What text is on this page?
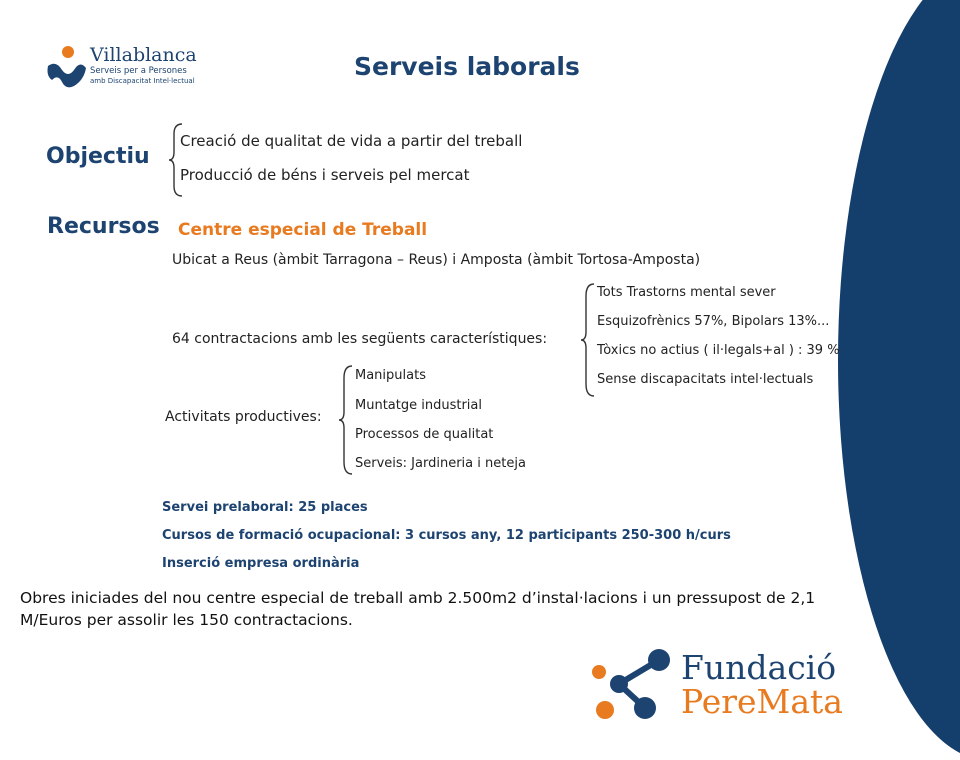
Villablanca
Serveis per a Persones
amb Discapacitat Intel·lectual	Serveis laborals
Objectiu
Creació de qualitat de vida a partir del treball
Producció de béns i serveis pel mercat
Recursos Centre especial de Treball
Ubicat a Reus (àmbit Tarragona – Reus) i Amposta (àmbit Tortosa-Amposta)
64 contractacions amb les següents característiques:
Tots Trastorns mental sever
Esquizofrènics 57%, Bipolars 13%...
Tòxics no actius ( il·legals+al ) : 39 %
Sense discapacitats intel·lectuals
Activitats productives:
Manipulats
Muntatge industrial
Processos de qualitat
Serveis: Jardineria i neteja
Servei prelaboral: 25 places
Cursos de formació ocupacional: 3 cursos any, 12 participants 250-300 h/curs
Inserció empresa ordinària
Obres iniciades del nou centre especial de treball amb 2.500m2 d’instal·lacions i un pressupost de 2,1 M/Euros per assolir les 150 contractacions.
Fundació
PereMata
